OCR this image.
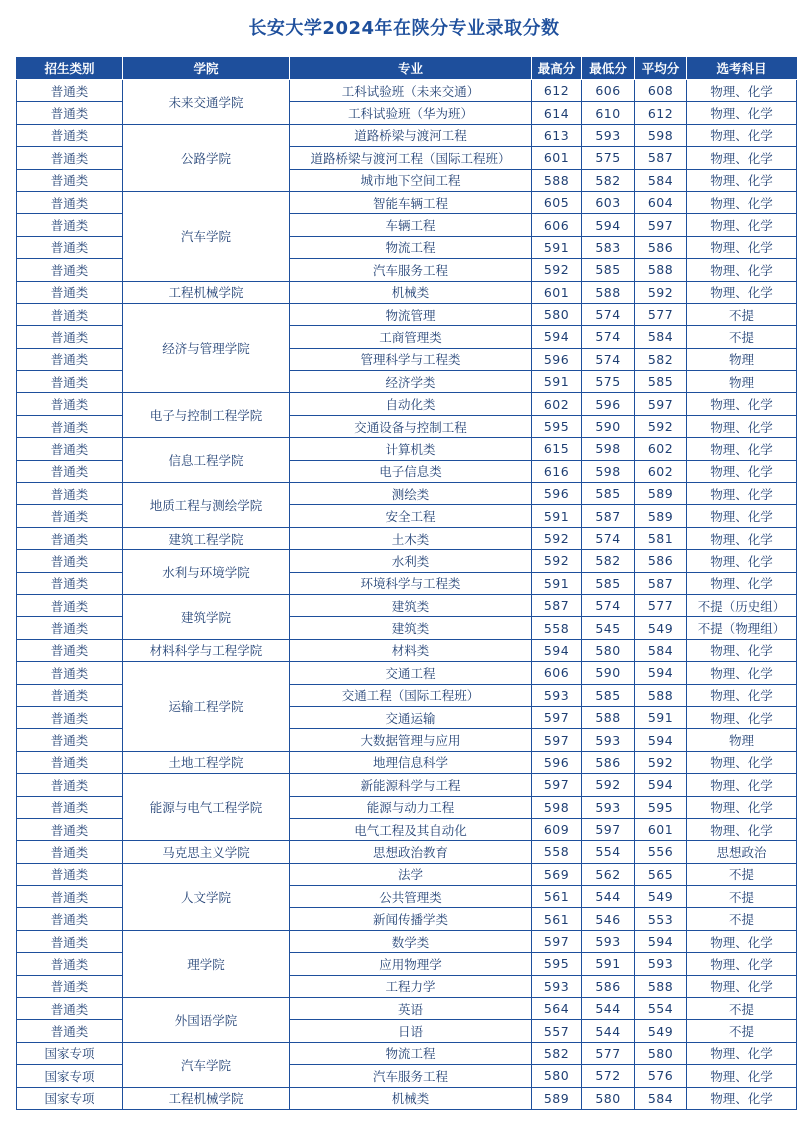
长安大学2024年在陕分专业录取分数
招生类别	学院	专业	最高分	最低分	平均分	选考科目
普通类	未来交通学院	工科试验班（未来交通）	612	606	608	物理、化学
普通类		工科试验班（华为班）	614	610	612	物理、化学
普通类	公路学院	道路桥梁与渡河工程	613	593	598	物理、化学
普通类		道路桥梁与渡河工程（国际工程班）	601	575	587	物理、化学
普通类		城市地下空间工程	588	582	584	物理、化学
普通类	汽车学院	智能车辆工程	605	603	604	物理、化学
普通类		车辆工程	606	594	597	物理、化学
普通类		物流工程	591	583	586	物理、化学
普通类		汽车服务工程	592	585	588	物理、化学
普通类	工程机械学院	机械类	601	588	592	物理、化学
普通类	经济与管理学院	物流管理	580	574	577	不提
普通类		工商管理类	594	574	584	不提
普通类		管理科学与工程类	596	574	582	物理
普通类		经济学类	591	575	585	物理
普通类	电子与控制工程学院	自动化类	602	596	597	物理、化学
普通类		交通设备与控制工程	595	590	592	物理、化学
普通类	信息工程学院	计算机类	615	598	602	物理、化学
普通类		电子信息类	616	598	602	物理、化学
普通类	地质工程与测绘学院	测绘类	596	585	589	物理、化学
普通类		安全工程	591	587	589	物理、化学
普通类	建筑工程学院	土木类	592	574	581	物理、化学
普通类	水利与环境学院	水利类	592	582	586	物理、化学
普通类		环境科学与工程类	591	585	587	物理、化学
普通类	建筑学院	建筑类	587	574	577	不提（历史组）
普通类		建筑类	558	545	549	不提（物理组）
普通类	材料科学与工程学院	材料类	594	580	584	物理、化学
普通类	运输工程学院	交通工程	606	590	594	物理、化学
普通类		交通工程（国际工程班）	593	585	588	物理、化学
普通类		交通运输	597	588	591	物理、化学
普通类		大数据管理与应用	597	593	594	物理
普通类	土地工程学院	地理信息科学	596	586	592	物理、化学
普通类	能源与电气工程学院	新能源科学与工程	597	592	594	物理、化学
普通类		能源与动力工程	598	593	595	物理、化学
普通类		电气工程及其自动化	609	597	601	物理、化学
普通类	马克思主义学院	思想政治教育	558	554	556	思想政治
普通类	人文学院	法学	569	562	565	不提
普通类		公共管理类	561	544	549	不提
普通类		新闻传播学类	561	546	553	不提
普通类	理学院	数学类	597	593	594	物理、化学
普通类		应用物理学	595	591	593	物理、化学
普通类		工程力学	593	586	588	物理、化学
普通类	外国语学院	英语	564	544	554	不提
普通类		日语	557	544	549	不提
国家专项	汽车学院	物流工程	582	577	580	物理、化学
国家专项		汽车服务工程	580	572	576	物理、化学
国家专项	工程机械学院	机械类	589	580	584	物理、化学
